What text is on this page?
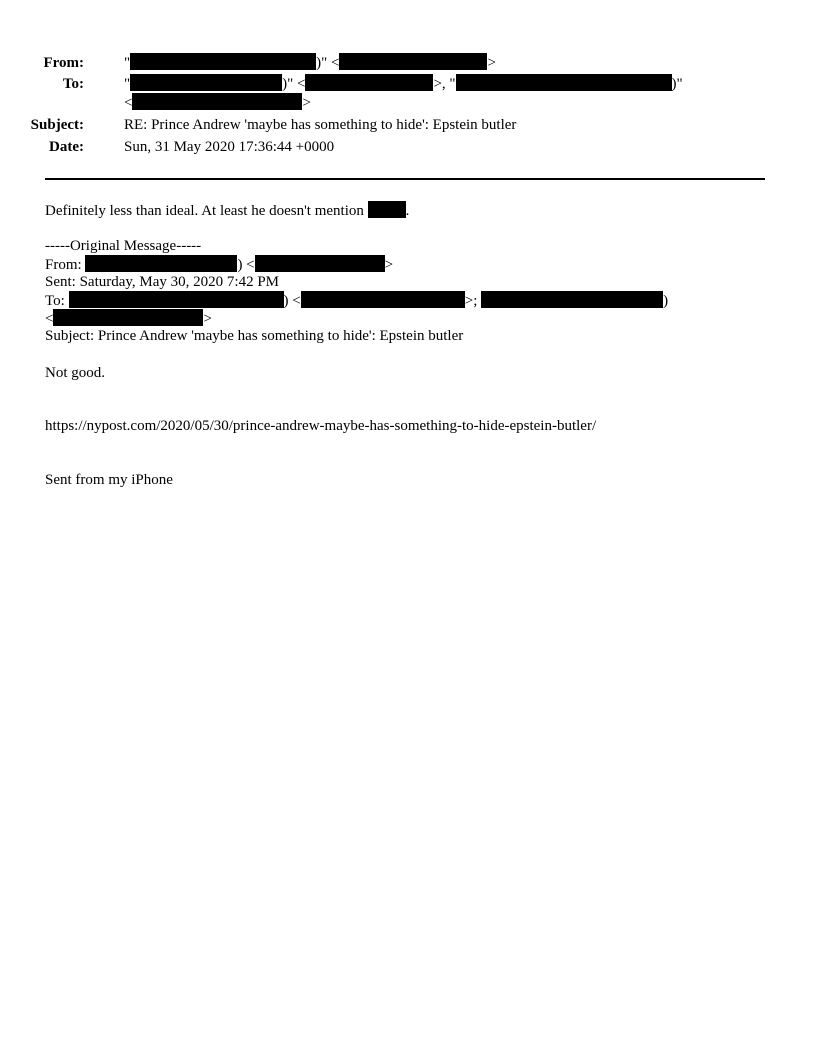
From:	"	)" <	>
To:	"	)" <	>, "	)"
<	>
Subject:	RE: Prince Andrew 'maybe has something to hide': Epstein butler
Date:	Sun, 31 May 2020 17:36:44 +0000
Definitely less than ideal. At least he doesn't mention	.
-----Original Message-----
From:	) <	>
Sent: Saturday, May 30, 2020 7:42 PM
To:	) <	>;	)
<	>
Subject: Prince Andrew 'maybe has something to hide': Epstein butler
Not good.
https://nypost.com/2020/05/30/prince-andrew-maybe-has-something-to-hide-epstein-butler/
Sent from my iPhone
